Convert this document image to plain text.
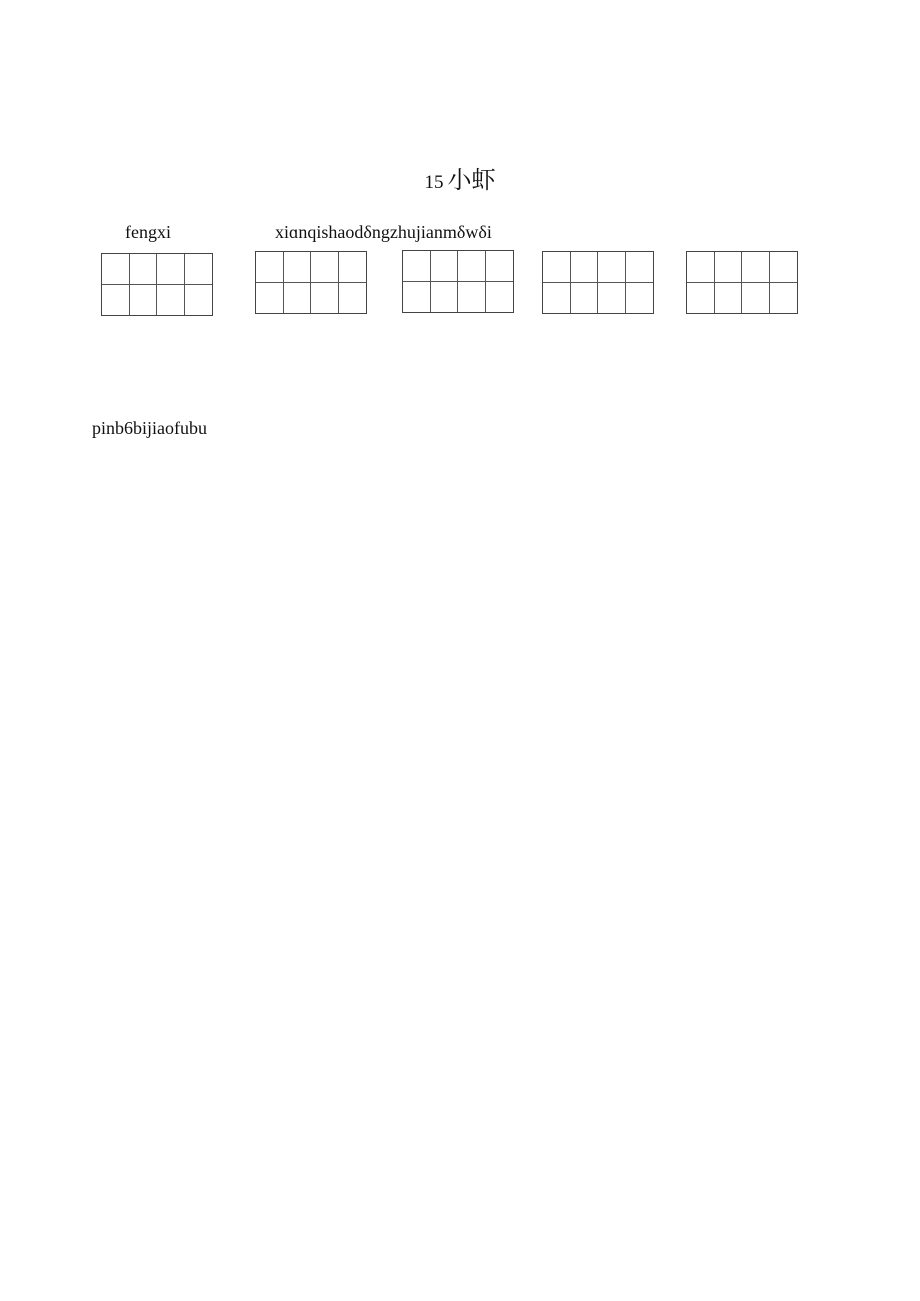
15 小虾
fengxi	xiɑnqishaodδngzhujianmδwδi
pinb6bijiaofubu
